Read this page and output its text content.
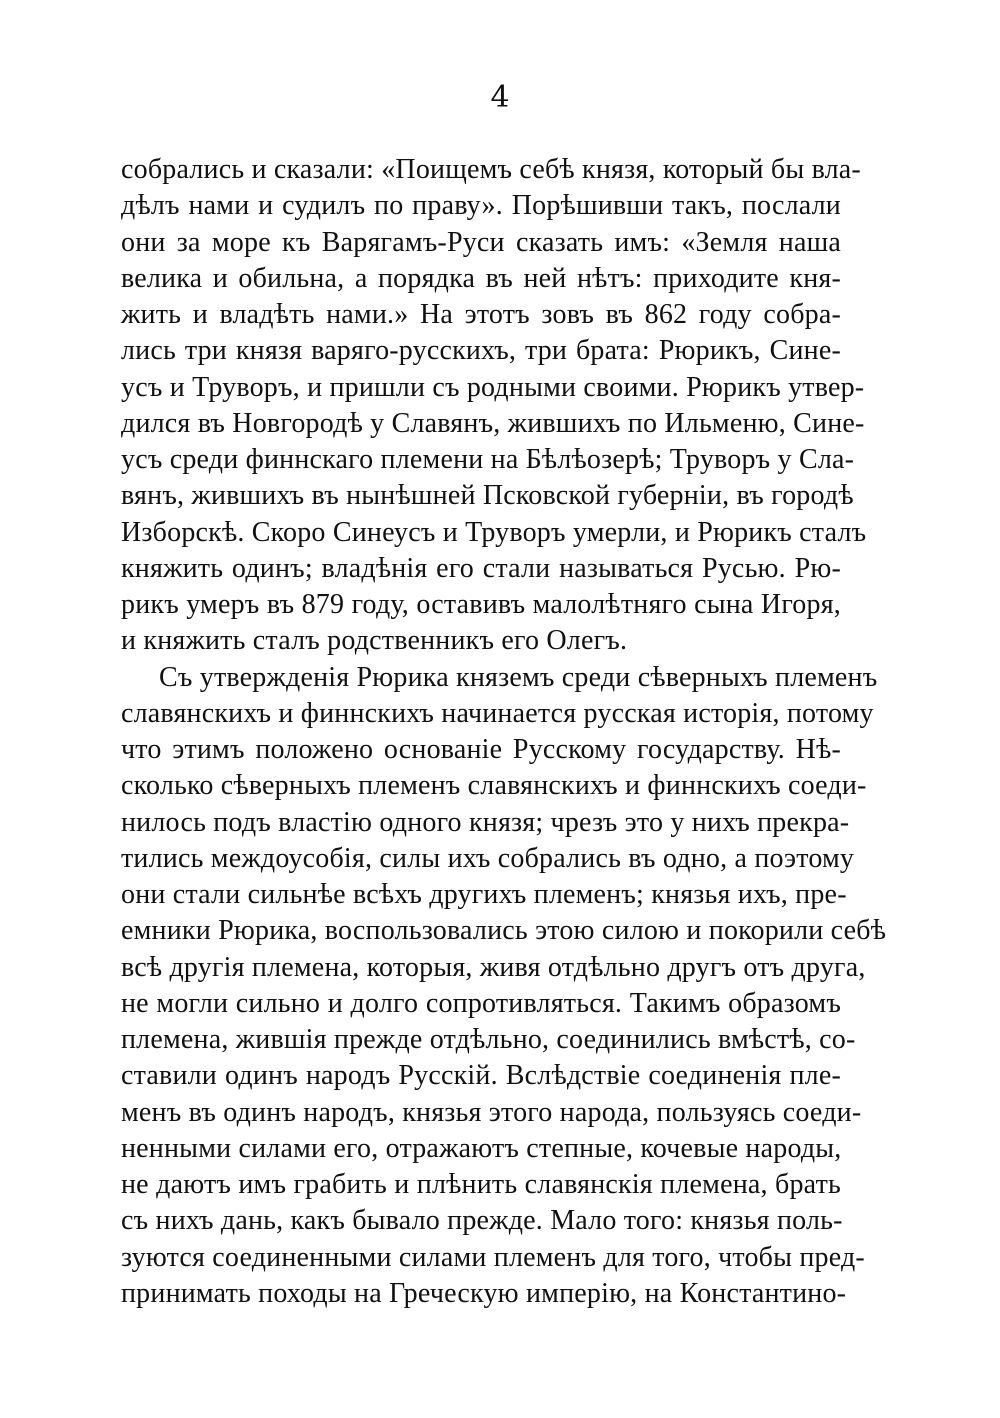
4
собрались и сказали: «Поищемъ себѣ князя, который бы вла-
дѣлъ нами и судилъ по праву». Порѣшивши такъ, послали
они за море къ Варягамъ-Руси сказать имъ: «Земля наша
велика и обильна, а порядка въ ней нѣтъ: приходите кня-
жить и владѣть нами.» На этотъ зовъ въ 862 году собра-
лись три князя варяго-русскихъ, три брата: Рюрикъ, Сине-
усъ и Труворъ, и пришли съ родными своими. Рюрикъ утвер-
дился въ Новгородѣ у Славянъ, жившихъ по Ильменю, Сине-
усъ среди финнскаго племени на Бѣлѣозерѣ; Труворъ у Сла-
вянъ, жившихъ въ нынѣшней Псковской губерніи, въ городѣ
Изборскѣ. Скоро Синеусъ и Труворъ умерли, и Рюрикъ сталъ
княжить одинъ; владѣнія его стали называться Русью. Рю-
рикъ умеръ въ 879 году, оставивъ малолѣтняго сына Игоря,
и княжить сталъ родственникъ его Олегъ.
Съ утвержденія Рюрика княземъ среди сѣверныхъ племенъ
славянскихъ и финнскихъ начинается русская исторія, потому
что этимъ положено основаніе Русскому государству. Нѣ-
сколько сѣверныхъ племенъ славянскихъ и финнскихъ соеди-
нилось подъ властію одного князя; чрезъ это у нихъ прекра-
тились междоусобія, силы ихъ собрались въ одно, а поэтому
они стали сильнѣе всѣхъ другихъ племенъ; князья ихъ, пре-
емники Рюрика, воспользовались этою силою и покорили себѣ
всѣ другія племена, которыя, живя отдѣльно другъ отъ друга,
не могли сильно и долго сопротивляться. Такимъ образомъ
племена, жившія прежде отдѣльно, соединились вмѣстѣ, со-
ставили одинъ народъ Русскій. Вслѣдствіе соединенія пле-
менъ въ одинъ народъ, князья этого народа, пользуясь соеди-
ненными силами его, отражаютъ степные, кочевые народы,
не даютъ имъ грабить и плѣнить славянскія племена, брать
съ нихъ дань, какъ бывало прежде. Мало того: князья поль-
зуются соединенными силами племенъ для того, чтобы пред-
принимать походы на Греческую имперію, на Константино-
